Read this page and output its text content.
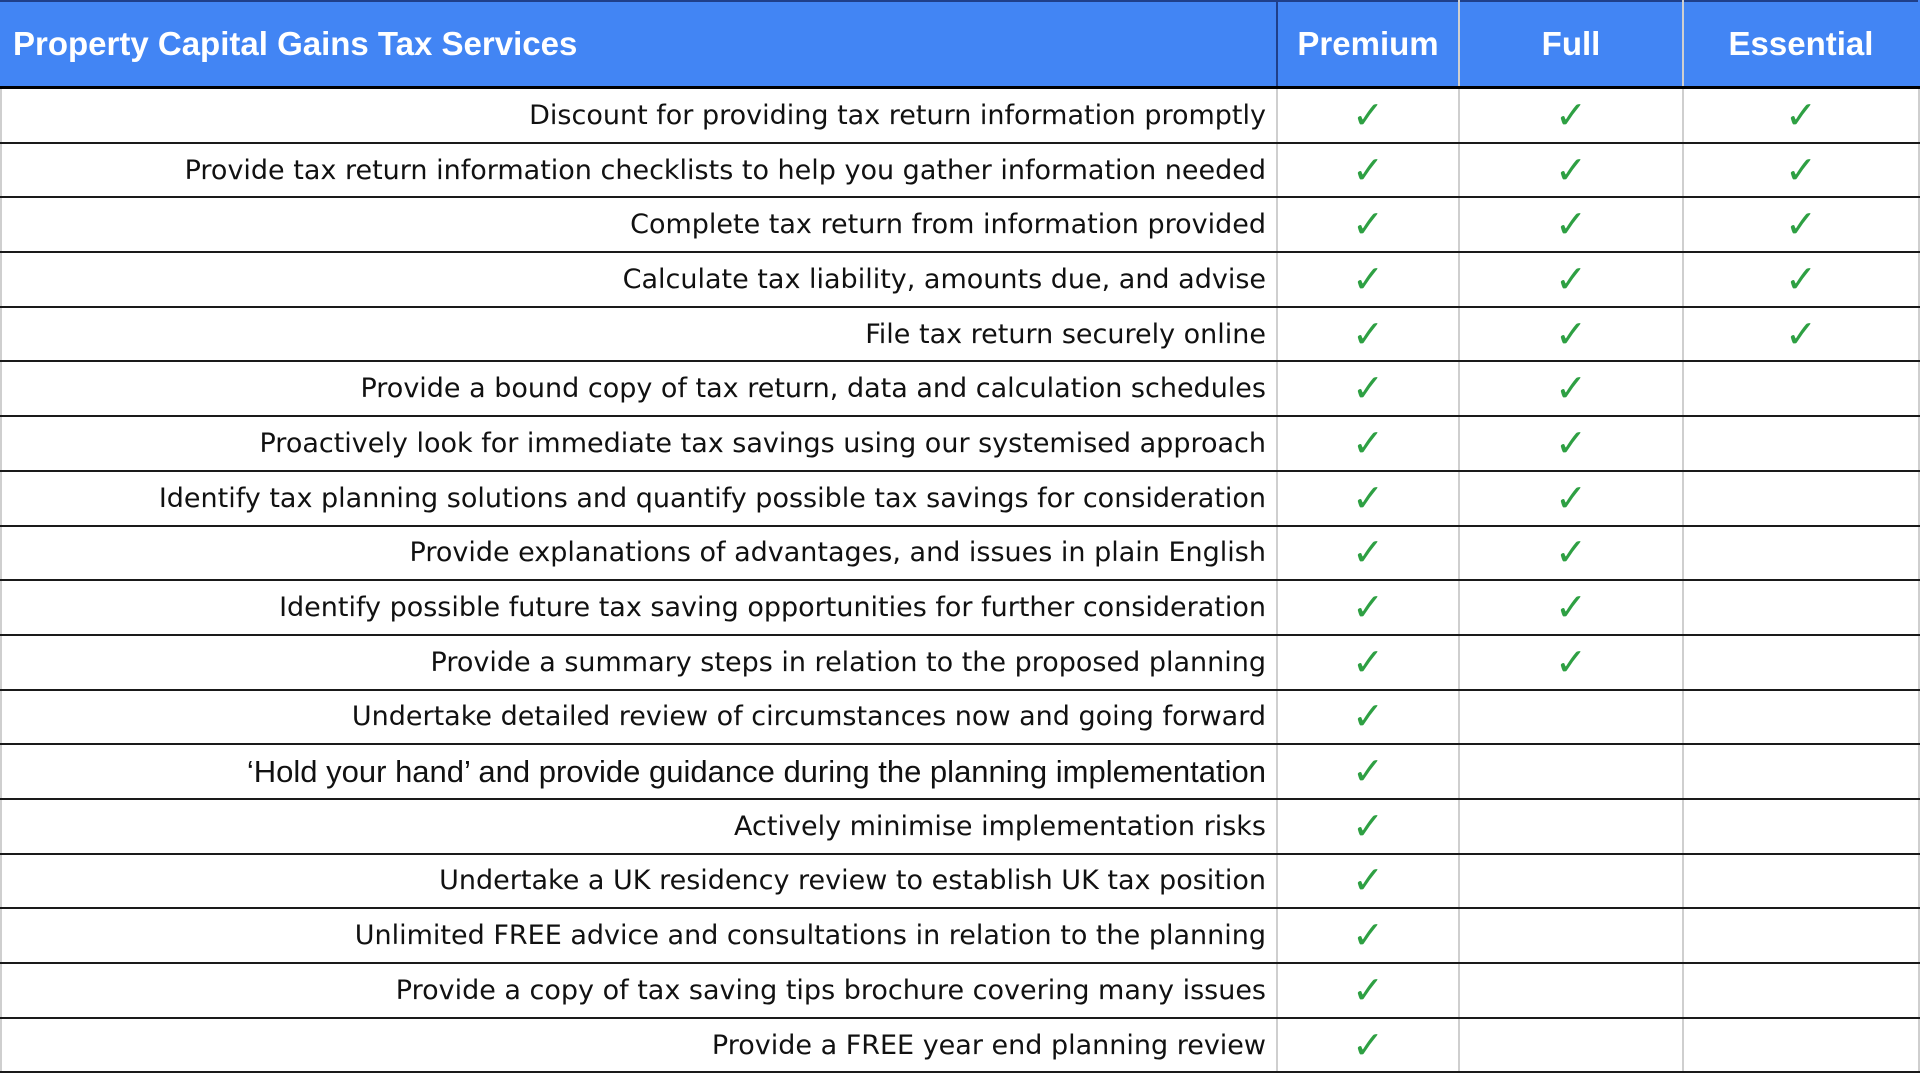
Property Capital Gains Tax Services	Premium	Full	Essential
Discount for providing tax return information promptly	✓	✓	✓
Provide tax return information checklists to help you gather information needed	✓	✓	✓
Complete tax return from information provided	✓	✓	✓
Calculate tax liability, amounts due, and advise	✓	✓	✓
File tax return securely online	✓	✓	✓
Provide a bound copy of tax return, data and calculation schedules	✓	✓	
Proactively look for immediate tax savings using our systemised approach	✓	✓	
Identify tax planning solutions and quantify possible tax savings for consideration	✓	✓	
Provide explanations of advantages, and issues in plain English	✓	✓	
Identify possible future tax saving opportunities for further consideration	✓	✓	
Provide a summary steps in relation to the proposed planning	✓	✓	
Undertake detailed review of circumstances now and going forward	✓		
‘Hold your hand’ and provide guidance during the planning implementation	✓		
Actively minimise implementation risks	✓		
Undertake a UK residency review to establish UK tax position	✓		
Unlimited FREE advice and consultations in relation to the planning	✓		
Provide a copy of tax saving tips brochure covering many issues	✓		
Provide a FREE year end planning review	✓		
